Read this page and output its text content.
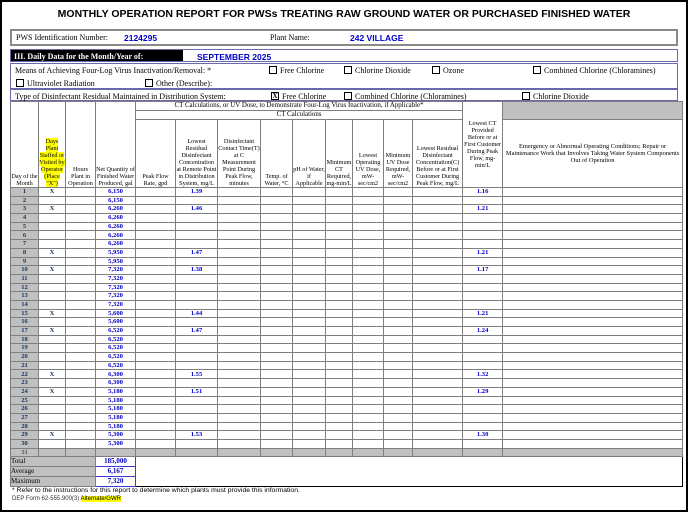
MONTHLY OPERATION REPORT FOR PWSs TREATING RAW GROUND WATER OR PURCHASED FINISHED WATER
PWS Identification Number: 2124295	Plant Name:	242 VILLAGE
III. Daily Data for the Month/Year of:	SEPTEMBER 2025
Means of Achieving Four-Log Virus Inactivation/Removal: *	Free Chlorine	Chlorine Dioxide	Ozone	Combined Chlorine (Chloramines)
Ultraviolet Radiation	Other (Describe):
Type of Disinfectant Residual Maintained in Distribution System:	X Free Chlorine	Combined Chlorine (Chloramines)	Chlorine Dioxide
Day of the Month	Days Plant Staffed or Visited by Operator (Place "X")	Hours Plant in Operation	Net Quantity of Finished Water Produced, gal	CT Calculations, or UV Dose, to Demonstrate Four-Log Virus Inactivation, if Applicable*									Lowest CT Provided Before or at First Customer During Peak Flow, mg-min/L	
				CT Calculations										
				Peak Flow Rate, gpd	Lowest Residual Disinfectant Concentration at Remote Point in Distribution System, mg/L	Disinfectant Contact Time(T) at C Measurement Point During Peak Flow, minutes	Temp. of Water, °C	pH of Water, if Applicable	Minimum CT Required, mg-min/L	Lowest Operating UV Dose, mW-sec/cm2	Minimum UV Dose Required, mW-sec/cm2	Lowest Residual Disinfectant Concentration(C) Before or at First Customer During Peak Flow, mg/L		Emergency or Abnormal Operating Conditions; Repair or Maintenance Work that Involves Taking Water System Components Out of Operation
1	X		6,150		1.39								1.16	
2			6,150											
3	X		6,260		1.46								1.21	
4			6,260											
5			6,260											
6			6,260											
7			6,260											
8	X		5,950		1.47								1.21	
9			5,950											
10	X		7,320		1.38								1.17	
11			7,320											
12			7,320											
13			7,320											
14			7,320											
15	X		5,600		1.44								1.21	
16			5,600											
17	X		6,520		1.47								1.24	
18			6,520											
19			6,520											
20			6,520											
21			6,520											
22	X		6,300		1.55								1.32	
23			6,300											
24	X		5,180		1.51								1.29	
25			5,180											
26			5,180											
27			5,180											
28			5,180											
29	X		5,300		1.53								1.30	
30			5,300											
31														
Total			185,000											
Average			6,167											
Maximum			7,320											
* Refer to the instructions for this report to determine which plants must provide this information.
DEP Form 62-555.900(3) Alternate/GWR
